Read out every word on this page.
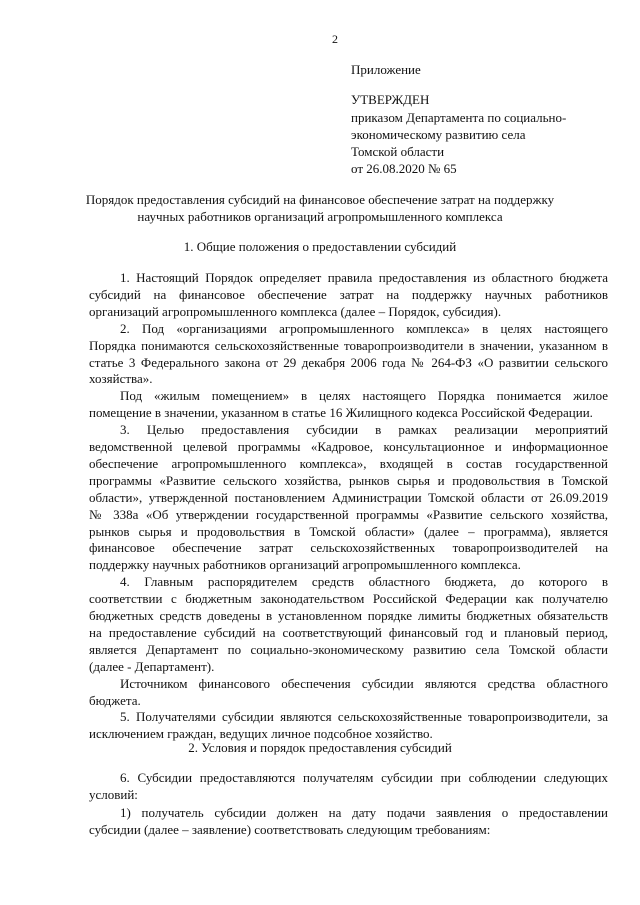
2
Приложение
УТВЕРЖДЕН
приказом Департамента по социально-
экономическому развитию села
Томской области
от 26.08.2020 № 65
Порядок предоставления субсидий на финансовое обеспечение затрат на поддержку
научных работников организаций агропромышленного комплекса
1. Общие положения о предоставлении субсидий
1. Настоящий Порядок определяет правила предоставления из областного бюджета
субсидий на финансовое обеспечение затрат на поддержку научных работников
организаций агропромышленного комплекса (далее – Порядок, субсидия).
2. Под «организациями агропромышленного комплекса» в целях настоящего
Порядка понимаются сельскохозяйственные товаропроизводители в значении, указанном в
статье 3 Федерального закона от 29 декабря 2006 года № 264-ФЗ «О развитии сельского
хозяйства».
Под «жилым помещением» в целях настоящего Порядка понимается жилое
помещение в значении, указанном в статье 16 Жилищного кодекса Российской Федерации.
3. Целью предоставления субсидии в рамках реализации мероприятий
ведомственной целевой программы «Кадровое, консультационное и информационное
обеспечение агропромышленного комплекса», входящей в состав государственной
программы «Развитие сельского хозяйства, рынков сырья и продовольствия в Томской
области», утвержденной постановлением Администрации Томской области от 26.09.2019
№ 338а «Об утверждении государственной программы «Развитие сельского хозяйства,
рынков сырья и продовольствия в Томской области» (далее – программа), является
финансовое обеспечение затрат сельскохозяйственных товаропроизводителей на
поддержку научных работников организаций агропромышленного комплекса.
4. Главным распорядителем средств областного бюджета, до которого в
соответствии с бюджетным законодательством Российской Федерации как получателю
бюджетных средств доведены в установленном порядке лимиты бюджетных обязательств
на предоставление субсидий на соответствующий финансовый год и плановый период,
является Департамент по социально-экономическому развитию села Томской области
(далее - Департамент).
Источником финансового обеспечения субсидии являются средства областного
бюджета.
5. Получателями субсидии являются сельскохозяйственные товаропроизводители, за
исключением граждан, ведущих личное подсобное хозяйство.
2. Условия и порядок предоставления субсидий
6. Субсидии предоставляются получателям субсидии при соблюдении следующих
условий:
1) получатель субсидии должен на дату подачи заявления о предоставлении
субсидии (далее – заявление) соответствовать следующим требованиям:
